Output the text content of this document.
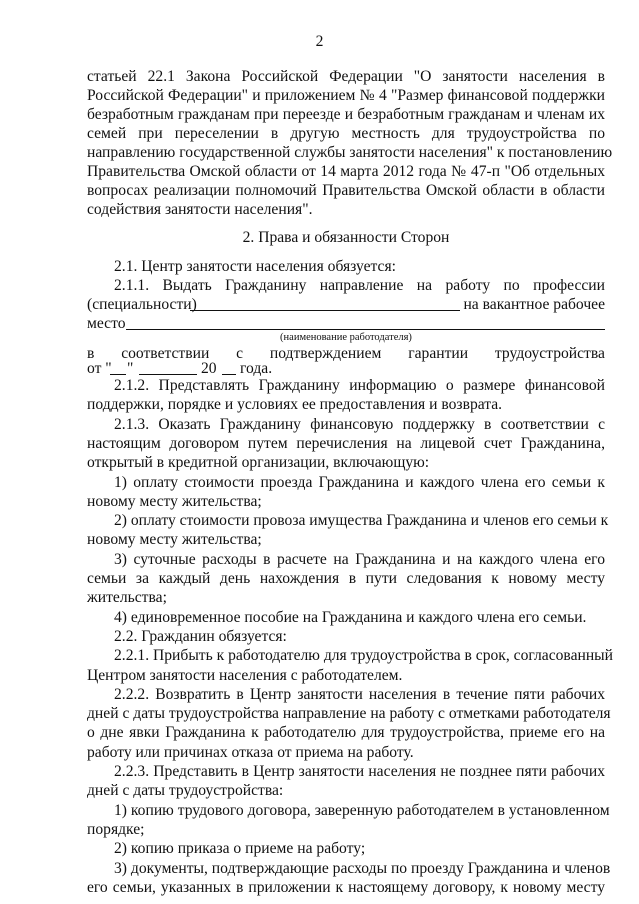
2
статьей 22.1 Закона Российской Федерации "О занятости населения в
Российской Федерации" и приложением № 4 "Размер финансовой поддержки
безработным гражданам при переезде и безработным гражданам и членам их
семей при переселении в другую местность для трудоустройства по
направлению государственной службы занятости населения" к постановлению
Правительства Омской области от 14 марта 2012 года № 47-п "Об отдельных
вопросах реализации полномочий Правительства Омской области в области
содействия занятости населения".
2. Права и обязанности Сторон
2.1. Центр занятости населения обязуется:
2.1.1. Выдать Гражданину направление на работу по профессии
(специальности)	на вакантное рабочее
место
(наименование работодателя)
в соответствии с подтверждением гарантии трудоустройства
от " "	20 года.
2.1.2. Представлять Гражданину информацию о размере финансовой
поддержки, порядке и условиях ее предоставления и возврата.
2.1.3. Оказать Гражданину финансовую поддержку в соответствии с
настоящим договором путем перечисления на лицевой счет Гражданина,
открытый в кредитной организации, включающую:
1) оплату стоимости проезда Гражданина и каждого члена его семьи к
новому месту жительства;
2) оплату стоимости провоза имущества Гражданина и членов его семьи к
новому месту жительства;
3) суточные расходы в расчете на Гражданина и на каждого члена его
семьи за каждый день нахождения в пути следования к новому месту
жительства;
4) единовременное пособие на Гражданина и каждого члена его семьи.
2.2. Гражданин обязуется:
2.2.1. Прибыть к работодателю для трудоустройства в срок, согласованный
Центром занятости населения с работодателем.
2.2.2. Возвратить в Центр занятости населения в течение пяти рабочих
дней с даты трудоустройства направление на работу с отметками работодателя
о дне явки Гражданина к работодателю для трудоустройства, приеме его на
работу или причинах отказа от приема на работу.
2.2.3. Представить в Центр занятости населения не позднее пяти рабочих
дней с даты трудоустройства:
1) копию трудового договора, заверенную работодателем в установленном
порядке;
2) копию приказа о приеме на работу;
3) документы, подтверждающие расходы по проезду Гражданина и членов
его семьи, указанных в приложении к настоящему договору, к новому месту
